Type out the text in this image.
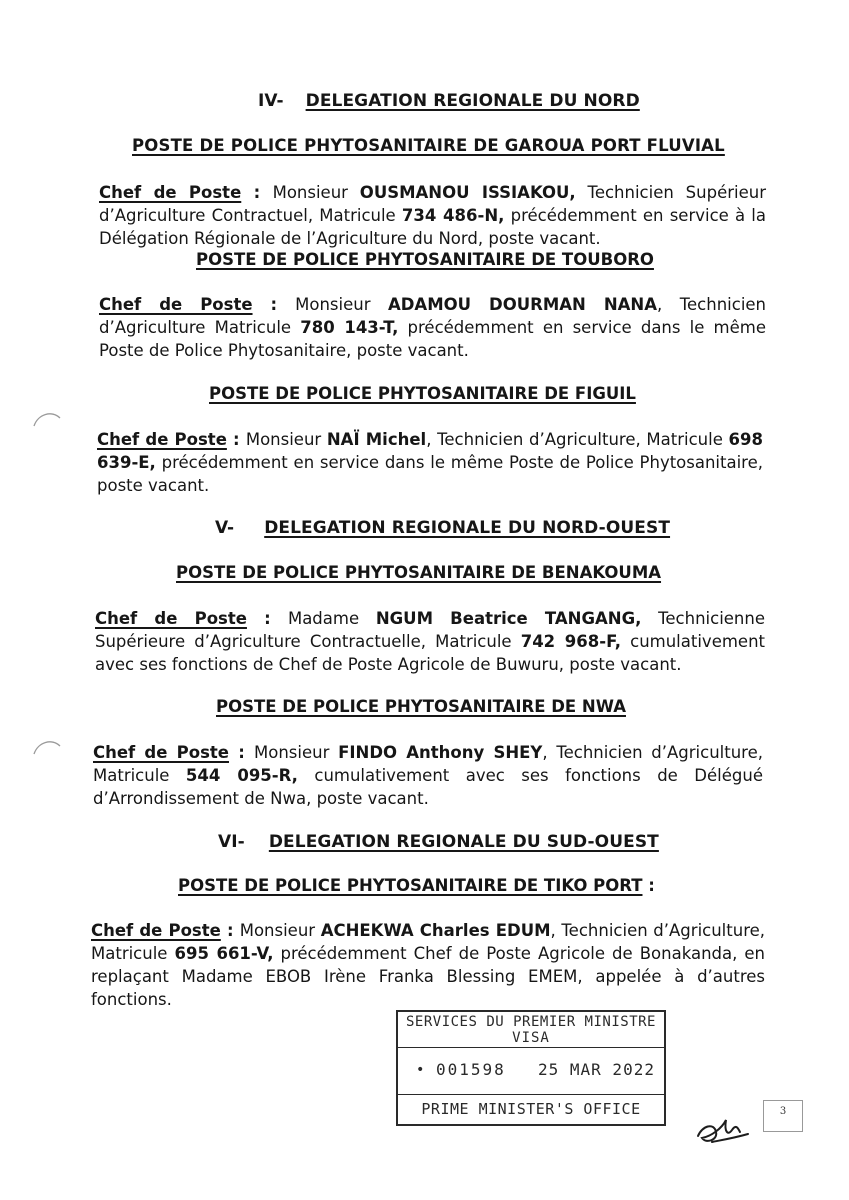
IV- DELEGATION REGIONALE DU NORD
POSTE DE POLICE PHYTOSANITAIRE DE GAROUA PORT FLUVIAL
Chef de Poste : Monsieur OUSMANOU ISSIAKOU, Technicien Supérieur d’Agriculture Contractuel, Matricule 734 486-N, précédemment en service à la Délégation Régionale de l’Agriculture du Nord, poste vacant.
POSTE DE POLICE PHYTOSANITAIRE DE TOUBORO
Chef de Poste : Monsieur ADAMOU DOURMAN NANA, Technicien d’Agriculture Matricule 780 143-T, précédemment en service dans le même Poste de Police Phytosanitaire, poste vacant.
POSTE DE POLICE PHYTOSANITAIRE DE FIGUIL
Chef de Poste : Monsieur NAÏ Michel, Technicien d’Agriculture, Matricule 698 639-E, précédemment en service dans le même Poste de Police Phytosanitaire, poste vacant.
V- DELEGATION REGIONALE DU NORD-OUEST
POSTE DE POLICE PHYTOSANITAIRE DE BENAKOUMA
Chef de Poste : Madame NGUM Beatrice TANGANG, Technicienne Supérieure d’Agriculture Contractuelle, Matricule 742 968-F, cumulativement avec ses fonctions de Chef de Poste Agricole de Buwuru, poste vacant.
POSTE DE POLICE PHYTOSANITAIRE DE NWA
Chef de Poste : Monsieur FINDO Anthony SHEY, Technicien d’Agriculture, Matricule 544 095-R, cumulativement avec ses fonctions de Délégué d’Arrondissement de Nwa, poste vacant.
VI- DELEGATION REGIONALE DU SUD-OUEST
POSTE DE POLICE PHYTOSANITAIRE DE TIKO PORT :
Chef de Poste : Monsieur ACHEKWA Charles EDUM, Technicien d’Agriculture, Matricule 695 661-V, précédemment Chef de Poste Agricole de Bonakanda, en replaçant Madame EBOB Irène Franka Blessing EMEM, appelée à d’autres fonctions.
SERVICES DU PREMIER MINISTRE
VISA
• 001598 25 MAR 2022
PRIME MINISTER'S OFFICE	3
